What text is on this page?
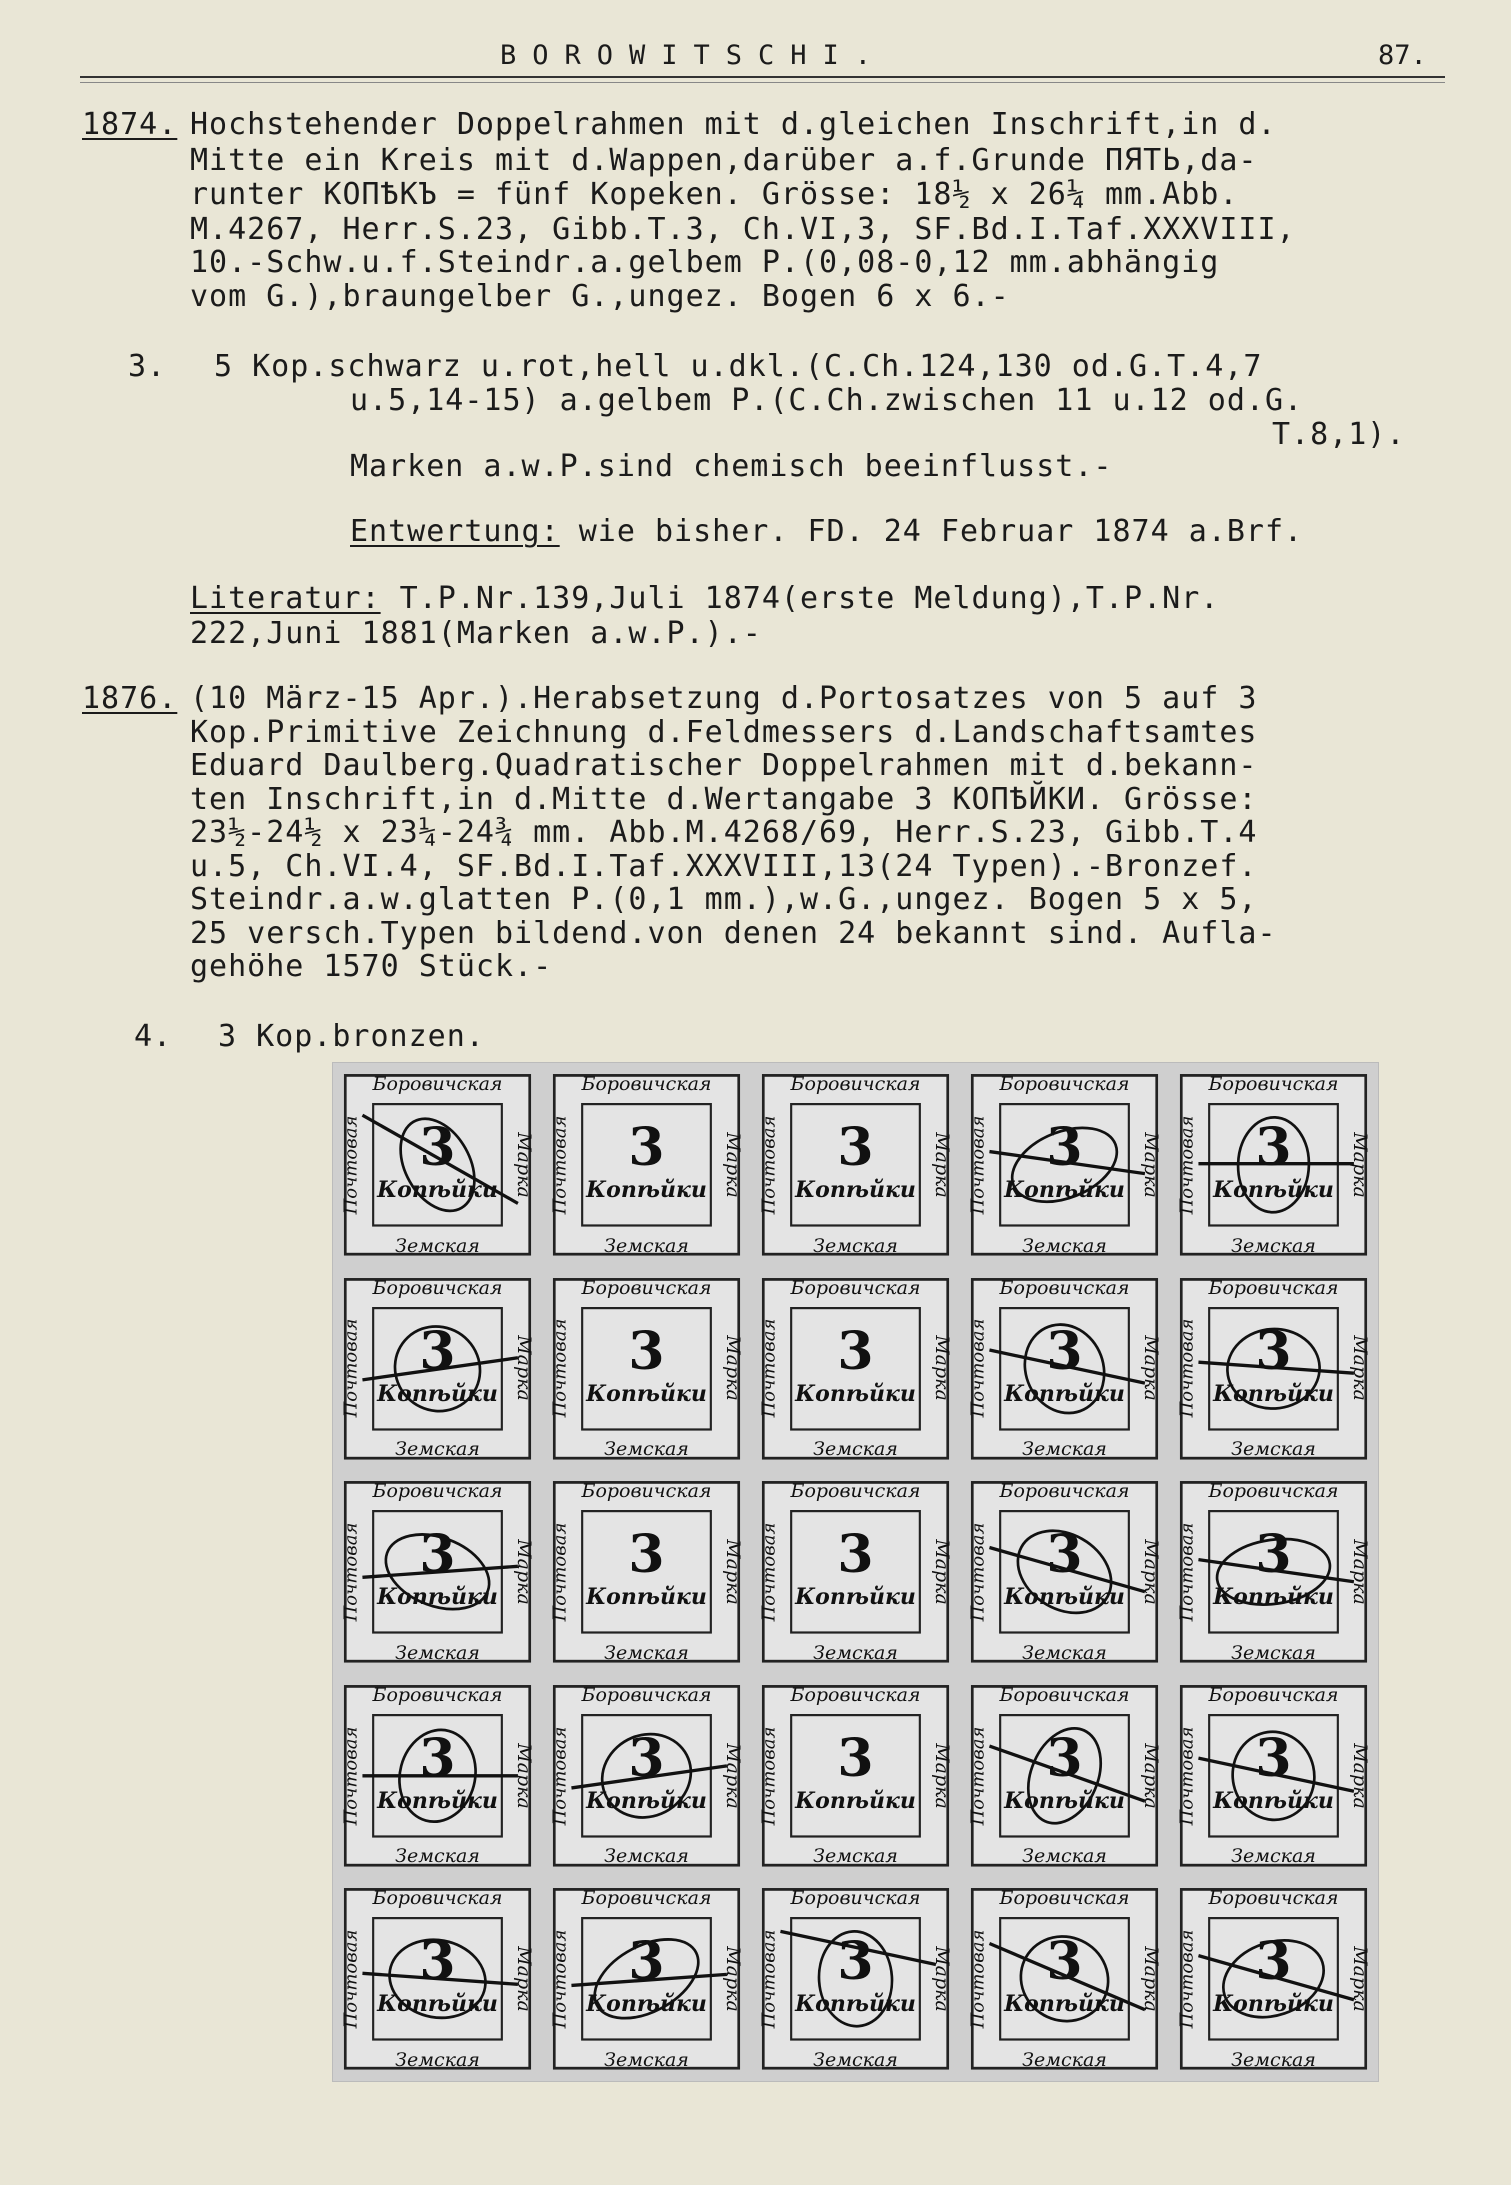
BOROWITSCHI.	87.
1874. Hochstehender Doppelrahmen mit d.gleichen Inschrift,in d.
Mitte ein Kreis mit d.Wappen,darüber a.f.Grunde ПЯТЬ,da-
runter КОПѢКЪ = fünf Kopeken. Grösse: 18½ x 26¼ mm.Abb.
M.4267, Herr.S.23, Gibb.T.3, Ch.VI,3, SF.Bd.I.Taf.XXXVIII,
10.-Schw.u.f.Steindr.a.gelbem P.(0,08-0,12 mm.abhängig
vom G.),braungelber G.,ungez. Bogen 6 x 6.-
3. 5 Kop.schwarz u.rot,hell u.dkl.(C.Ch.124,130 od.G.T.4,7
u.5,14-15) a.gelbem P.(C.Ch.zwischen 11 u.12 od.G.
T.8,1).
Marken a.w.P.sind chemisch beeinflusst.-
Entwertung: wie bisher. FD. 24 Februar 1874 a.Brf.
Literatur: T.P.Nr.139,Juli 1874(erste Meldung),T.P.Nr.
222,Juni 1881(Marken a.w.P.).-
1876. (10 März-15 Apr.).Herabsetzung d.Portosatzes von 5 auf 3
Kop.Primitive Zeichnung d.Feldmessers d.Landschaftsamtes
Eduard Daulberg.Quadratischer Doppelrahmen mit d.bekann-
ten Inschrift,in d.Mitte d.Wertangabe 3 КОПѢЙКИ. Grösse:
23½-24½ x 23¼-24¾ mm. Abb.M.4268/69, Herr.S.23, Gibb.T.4
u.5, Ch.VI.4, SF.Bd.I.Taf.XXXVIII,13(24 Typen).-Bronzef.
Steindr.a.w.glatten P.(0,1 mm.),w.G.,ungez. Bogen 5 x 5,
25 versch.Typen bildend.von denen 24 bekannt sind. Aufla-
gehöhe 1570 Stück.-
4. 3 Kop.bronzen.
Боровичская
Земская
Почтовая	Марка
3
Копѣйки
Боровичская
Земская
Почтовая	Марка
3
Копѣйки
Боровичская
Земская
Почтовая	Марка
3
Копѣйки
Боровичская
Земская
Почтовая	Марка
3
Копѣйки
Боровичская
Земская
Почтовая	Марка
3
Копѣйки
Боровичская
Земская
Почтовая	Марка
3
Копѣйки
Боровичская
Земская
Почтовая	Марка
3
Копѣйки
Боровичская
Земская
Почтовая	Марка
3
Копѣйки
Боровичская
Земская
Почтовая	Марка
3
Копѣйки
Боровичская
Земская
Почтовая	Марка
3
Копѣйки
Боровичская
Земская
Почтовая	Марка
3
Копѣйки
Боровичская
Земская
Почтовая	Марка
3
Копѣйки
Боровичская
Земская
Почтовая	Марка
3
Копѣйки
Боровичская
Земская
Почтовая	Марка
3
Копѣйки
Боровичская
Земская
Почтовая	Марка
3
Копѣйки
Боровичская
Земская
Почтовая	Марка
3
Копѣйки
Боровичская
Земская
Почтовая	Марка
3
Копѣйки
Боровичская
Земская
Почтовая	Марка
3
Копѣйки
Боровичская
Земская
Почтовая	Марка
3
Копѣйки
Боровичская
Земская
Почтовая	Марка
3
Копѣйки
Боровичская
Земская
Почтовая	Марка
3
Копѣйки
Боровичская
Земская
Почтовая	Марка
3
Копѣйки
Боровичская
Земская
Почтовая	Марка
3
Копѣйки
Боровичская
Земская
Почтовая	Марка
3
Копѣйки
Боровичская
Земская
Почтовая	Марка
3
Копѣйки
